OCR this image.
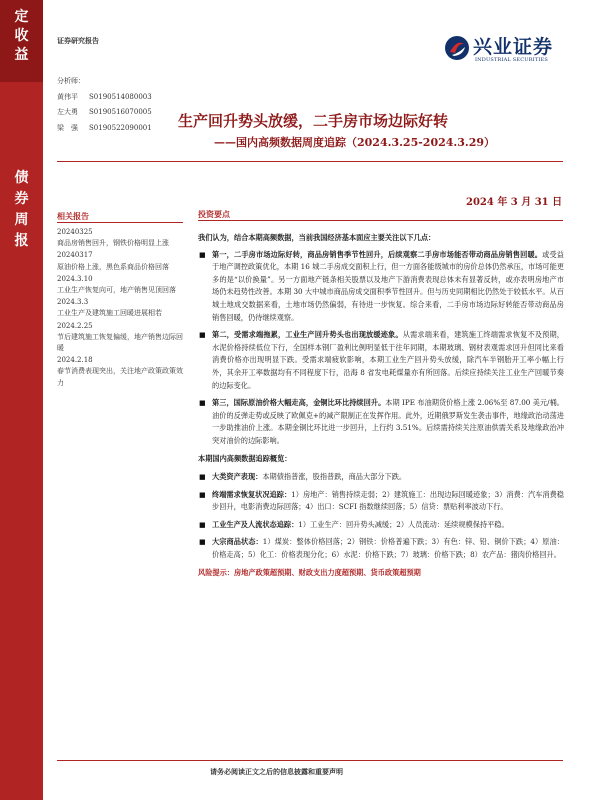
定
收
益
债
券
周
报
证券研究报告	兴业证券
INDUSTRIAL SECURITIES
分析师：
黄伟平 S0190514080003
左大勇 S0190516070005
梁　强 S0190522090001 生产回升势头放缓，二手房市场边际好转
——国内高频数据周度追踪（2024.3.25-2024.3.29）
2024 年 3 月 31 日
相关报告
20240325
商品房销售回升，钢铁价格明显上涨
20240317
原油价格上涨，黑色系商品价格回落
2024.3.10
工业生产恢复向可，地产销售见顶回落
2024.3.3
工业生产及建筑施工回暖进展相若
2024.2.25
节后建筑施工恢复偏缓，地产销售边际回暖
2024.2.18
春节消费表现突出，关注地产政策政策效力
投资要点

我们认为，结合本期高频数据，当前我国经济基本面应主要关注以下几点：

■ 第一，二手房市场边际好转，商品房销售季节性回升，后续观察二手房市场能否带动商品房销售回暖。或受益于地产调控政策优化，本期 16 城二手房成交面积上行，但一方面各能级城市的房价总体仍然承压，市场可能更多的是“以价换量”。另一方面地产链条相关股票以及地产下游消费表现总体未有显著反转，或亦表明房地产市场仍未趋势性改善。本期 30 大中城市商品房成交面积季节性回升。但与历史同期相比仍然处于较低水平。从百城土地成交数据来看，土地市场仍然偏弱，有待进一步恢复。综合来看，二手房市场边际好转能否带动商品房销售回暖，仍待继续观察。
■ 第二，受需求端拖累，工业生产回升势头也出现放缓迹象。从需求端来看，建筑施工终端需求恢复不及预期，水泥价格持续低位下行，全国样本钢厂盈利比例明显低于往年同期，本期玻璃、钢材表观需求回升但同比来看消费价格亦出现明显下跌。受需求端疲软影响，本期工业生产回升势头放缓，除汽车半钢胎开工率小幅上行外，其余开工率数据均有不同程度下行，沿海 8 省发电耗煤量亦有所回落。后续应持续关注工业生产回暖节奏的边际变化。
■ 第三，国际原油价格大幅走高，金铜比环比持续回升。本期 IPE 布油期货价格上涨 2.06%至 87.00 美元/桶。油价的反弹走势或反映了欧佩克+的减产限制正在发挥作用。此外，近期俄罗斯发生袭击事件，地缘政治动荡进一步助推油价上涨。本期金铜比环比进一步回升，上行约 3.51%。后续需持续关注原油供需关系及地缘政治冲突对油价的边际影响。

本期国内高频数据追踪概览：

■ 大类资产表现：本期债指普涨，股指普跌，商品大部分下跌。
■ 终端需求恢复状况追踪：1）房地产：销售持续走弱；2）建筑施工：出现边际回暖迹象；3）消费：汽车消费稳步回升，电影消费边际回落；4）出口：SCFI 指数继续回落；5）信贷：票贴利率波动下行。
■ 工业生产及人流状态追踪：1）工业生产：回升势头减缓；2）人员流动：延续规模保持平稳。
■ 大宗商品状态：1）煤炭：整体价格回落；2）钢铁：价格普遍下跌；3）有色：锌、铅、铜价下跌；4）原油：价格走高；5）化工：价格表现分化；6）水泥：价格下跌；7）玻璃：价格下跌；8）农产品：猪肉价格回升。

风险提示：房地产政策超预期、财政支出力度超预期、货币政策超预期

请务必阅读正文之后的信息披露和重要声明
